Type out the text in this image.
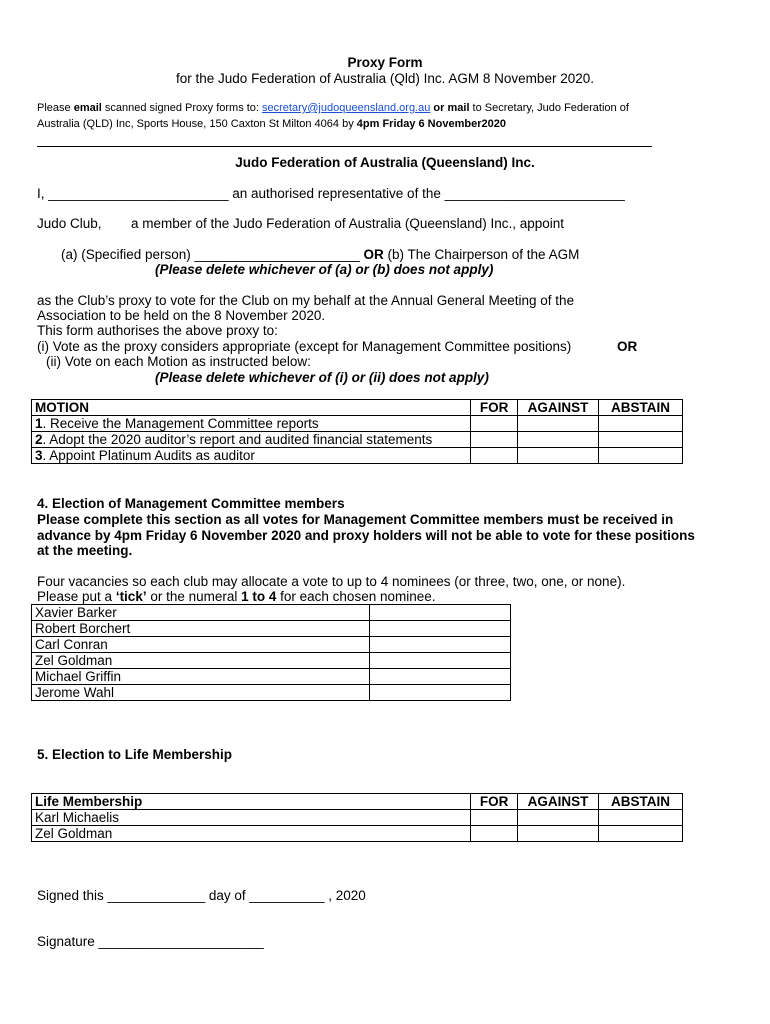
Proxy Form
for the Judo Federation of Australia (Qld) Inc. AGM 8 November 2020.
Please email scanned signed Proxy forms to: secretary@judoqueensland.org.au or mail to Secretary, Judo Federation of
Australia (QLD) Inc, Sports House, 150 Caxton St Milton 4064 by 4pm Friday 6 November2020
Judo Federation of Australia (Queensland) Inc.
I, ________________________ an authorised representative of the ________________________
Judo Club, a member of the Judo Federation of Australia (Queensland) Inc., appoint
(a) (Specified person) ______________________ OR (b) The Chairperson of the AGM
(Please delete whichever of (a) or (b) does not apply)
as the Club’s proxy to vote for the Club on my behalf at the Annual General Meeting of the
Association to be held on the 8 November 2020.
This form authorises the above proxy to:
(i) Vote as the proxy considers appropriate (except for Management Committee positions)	OR
(ii) Vote on each Motion as instructed below:
(Please delete whichever of (i) or (ii) does not apply)
MOTION	FOR	AGAINST	ABSTAIN
1. Receive the Management Committee reports			
2. Adopt the 2020 auditor’s report and audited financial statements			
3. Appoint Platinum Audits as auditor			
4. Election of Management Committee members
Please complete this section as all votes for Management Committee members must be received in
advance by 4pm Friday 6 November 2020 and proxy holders will not be able to vote for these positions
at the meeting.
Four vacancies so each club may allocate a vote to up to 4 nominees (or three, two, one, or none).
Please put a ‘tick’ or the numeral 1 to 4 for each chosen nominee.
Xavier Barker	
Robert Borchert	
Carl Conran	
Zel Goldman	
Michael Griffin	
Jerome Wahl	
5. Election to Life Membership
Life Membership	FOR	AGAINST	ABSTAIN
Karl Michaelis			
Zel Goldman			
Signed this _____________ day of __________ , 2020
Signature ______________________
